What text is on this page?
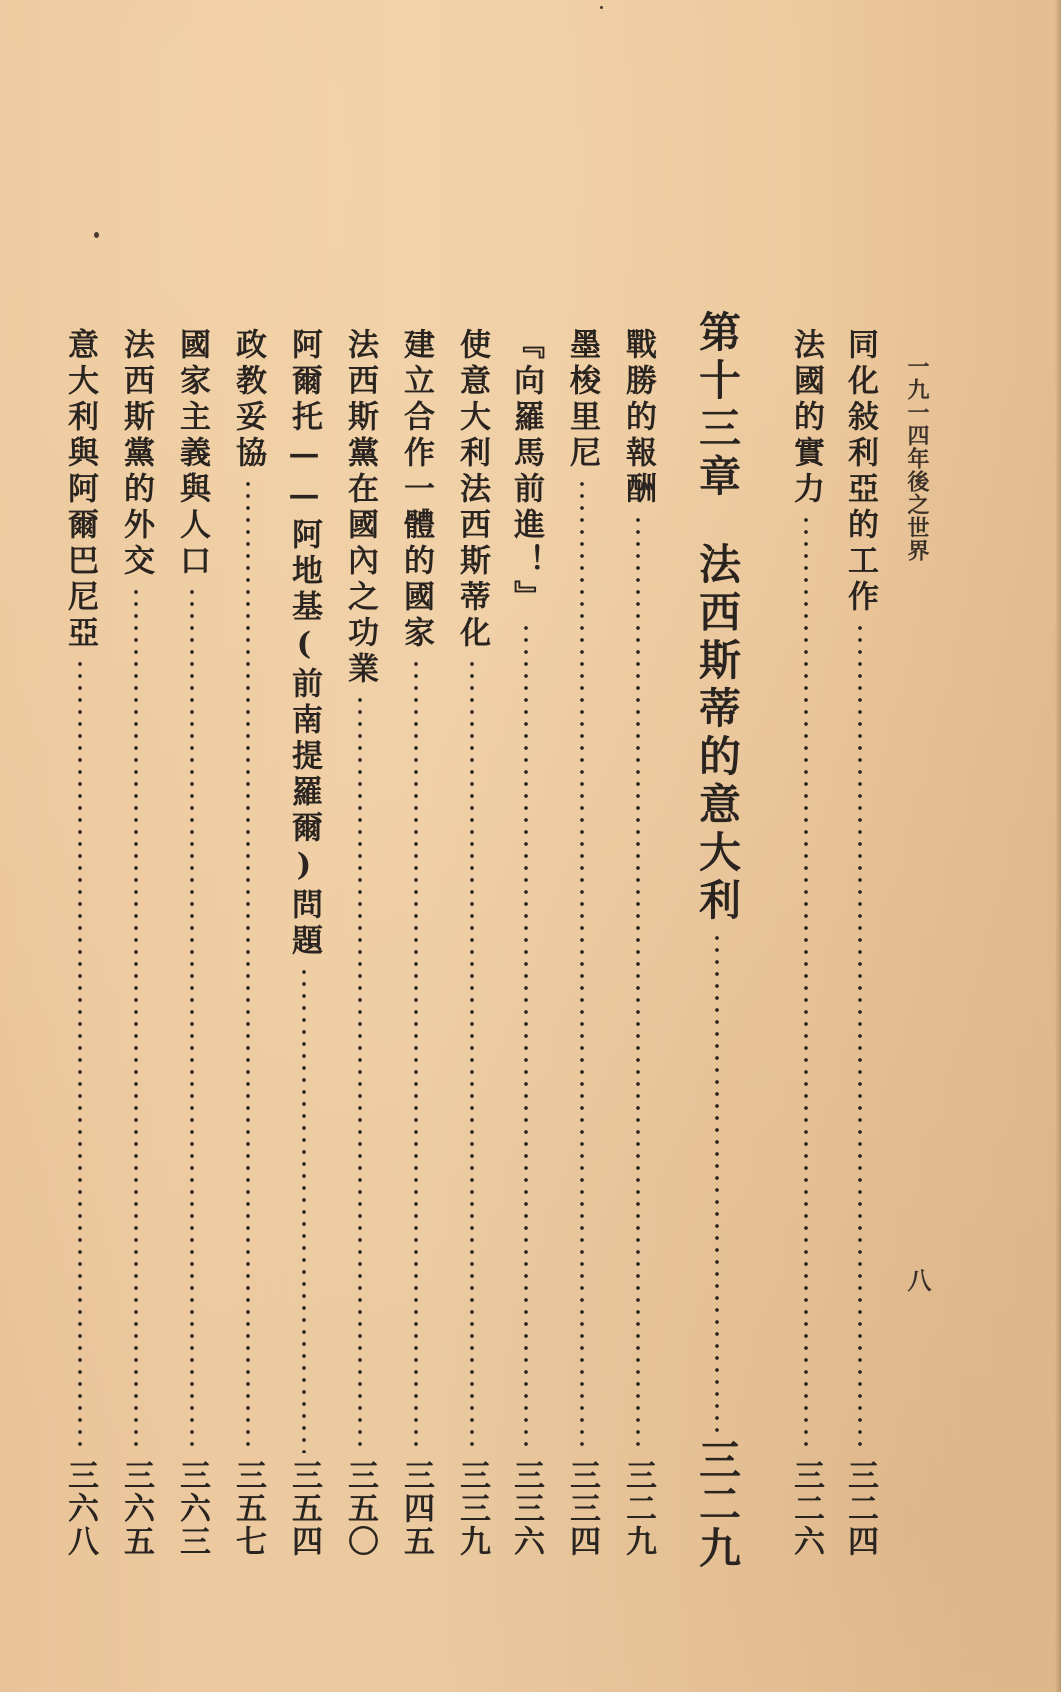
一九一四年後之世界
八
同化敍利亞的工作
三二四
法國的實力
三二六
第十三章法西斯蒂的意大利
三二九
戰勝的報酬
三二九
墨梭里尼
三三四
『向羅馬前進！』
三三六
使意大利法西斯蒂化
三三九
建立合作一體的國家
三四五
法西斯黨在國內之功業
三五〇
阿爾托——阿地基(前南提羅爾)問題
三五四
政教妥協
三五七
國家主義與人口
三六三
法西斯黨的外交
三六五
意大利與阿爾巴尼亞
三六八
